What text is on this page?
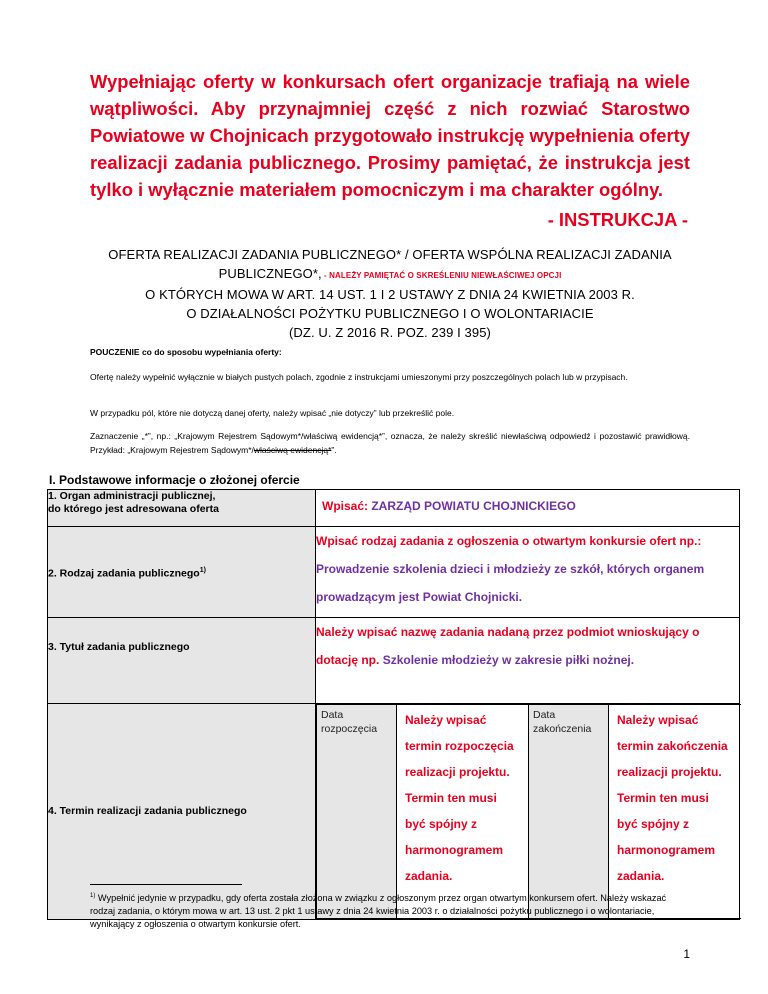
Wypełniając oferty w konkursach ofert organizacje trafiają na wiele wątpliwości. Aby przynajmniej część z nich rozwiać Starostwo Powiatowe w Chojnicach przygotowało instrukcję wypełnienia oferty realizacji zadania publicznego. Prosimy pamiętać, że instrukcja jest tylko i wyłącznie materiałem pomocniczym i ma charakter ogólny.
- INSTRUKCJA -
OFERTA REALIZACJI ZADANIA PUBLICZNEGO* / OFERTA WSPÓLNA REALIZACJI ZADANIA
PUBLICZNEGO*, - NALEŻY PAMIĘTAĆ O SKREŚLENIU NIEWŁAŚCIWEJ OPCJI
O KTÓRYCH MOWA W ART. 14 UST. 1 I 2 USTAWY Z DNIA 24 KWIETNIA 2003 R.
O DZIAŁALNOŚCI POŻYTKU PUBLICZNEGO I O WOLONTARIACIE
(DZ. U. Z 2016 R. POZ. 239 I 395)
POUCZENIE co do sposobu wypełniania oferty:
Ofertę należy wypełnić wyłącznie w białych pustych polach, zgodnie z instrukcjami umieszonymi przy poszczególnych polach lub w przypisach.
W przypadku pól, które nie dotyczą danej oferty, należy wpisać „nie dotyczy” lub przekreślić pole.
Zaznaczenie „*”, np.: „Krajowym Rejestrem Sądowym*/właściwą ewidencją*”, oznacza, że należy skreślić niewłaściwą odpowiedź i pozostawić prawidłową. Przykład: „Krajowym Rejestrem Sądowym*/właściwą ewidencją*”.
I. Podstawowe informacje o złożonej ofercie
1. Organ administracji publicznej,
do którego jest adresowana oferta	Wpisać: ZARZĄD POWIATU CHOJNICKIEGO
2. Rodzaj zadania publicznego$^{1)}$	Wpisać rodzaj zadania z ogłoszenia o otwartym konkursie ofert np.: Prowadzenie szkolenia dzieci i młodzieży ze szkół, których organem prowadzącym jest Powiat Chojnicki.
3. Tytuł zadania publicznego	Należy wpisać nazwę zadania nadaną przez podmiot wnioskujący o dotację np. Szkolenie młodzieży w zakresie piłki nożnej.
4. Termin realizacji zadania publicznego	
Data rozpoczęcia	Należy wpisać termin rozpoczęcia realizacji projektu. Termin ten musi być spójny z harmonogramem zadania.	Data zakończenia	Należy wpisać termin zakończenia realizacji projektu. Termin ten musi być spójny z harmonogramem zadania.
$^{1)}$ Wypełnić jedynie w przypadku, gdy oferta została złożona w związku z ogłoszonym przez organ otwartym konkursem ofert. Należy wskazać rodzaj zadania, o którym mowa w art. 13 ust. 2 pkt 1 ustawy z dnia 24 kwietnia 2003 r. o działalności pożytku publicznego i o wolontariacie, wynikający z ogłoszenia o otwartym konkursie ofert.
1
